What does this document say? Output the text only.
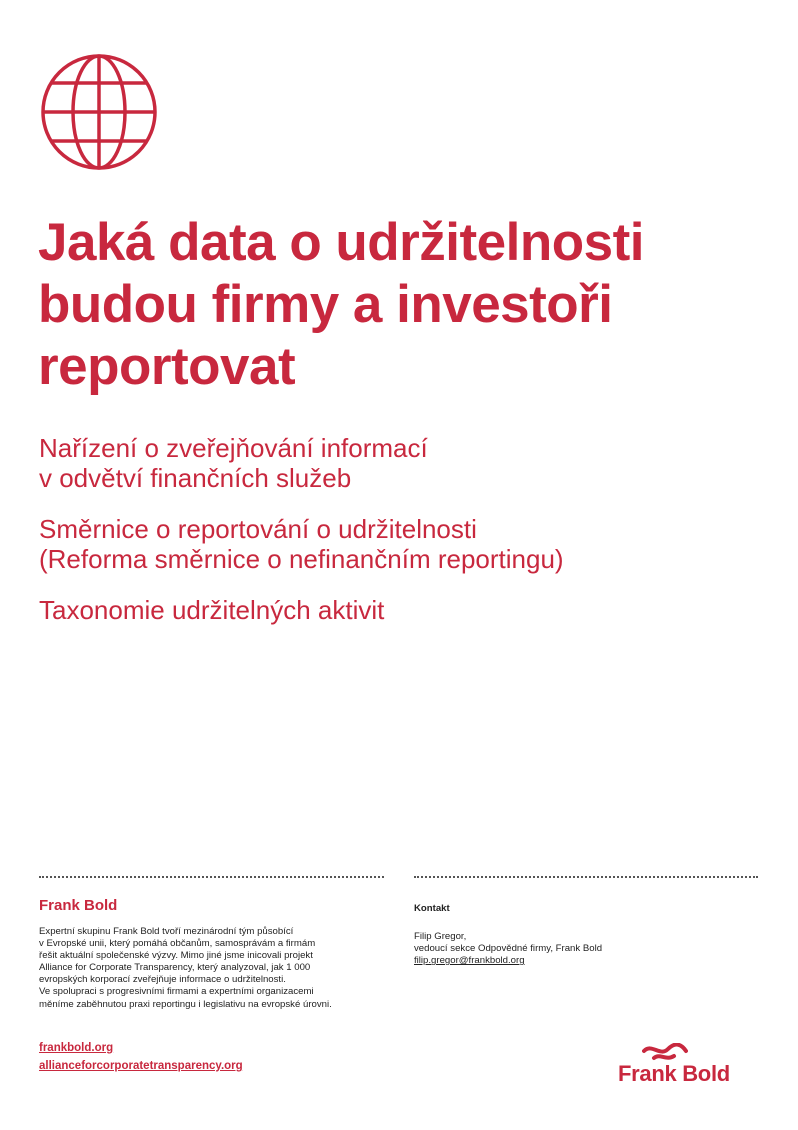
Jaká data o udržitelnosti
budou firmy a investoři
reportovat

Nařízení o zveřejňování informací
v odvětví finančních služeb

Směrnice o reportování o udržitelnosti
(Reforma směrnice o nefinančním reportingu)

Taxonomie udržitelných aktivit

Frank Bold
Expertní skupinu Frank Bold tvoří mezinárodní tým působící
v Evropské unii, který pomáhá občanům, samosprávám a firmám
řešit aktuální společenské výzvy. Mimo jiné jsme inicovali projekt
Alliance for Corporate Transparency, který analyzoval, jak 1 000
evropských korporací zveřejňuje informace o udržitelnosti.
Ve spolupraci s progresivními firmami a expertními organizacemi
měníme zaběhnutou praxi reportingu i legislativu na evropské úrovni.
frankbold.org
allianceforcorporatetransparency.org
Kontakt
Filip Gregor,
vedoucí sekce Odpovědné firmy, Frank Bold
filip.gregor@frankbold.org
Frank Bold
